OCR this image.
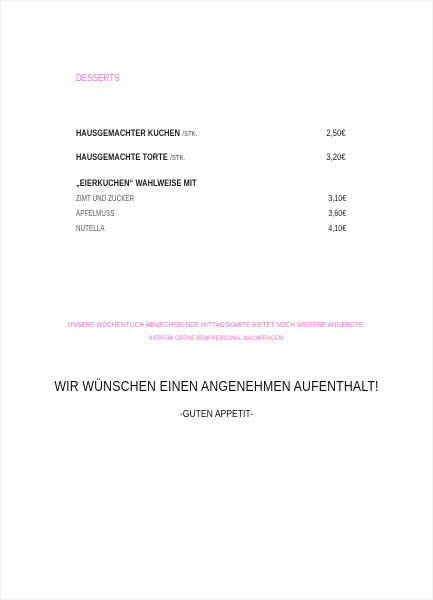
DESSERTS
HAUSGEMACHTER KUCHEN /STK.	2,50€
HAUSGEMACHTE TORTE /STK.	3,20€
„EIERKUCHEN“ WAHLWEISE MIT
ZIMT UND ZUCKER	3,10€
APFELMUSS	3,60€
NUTELLA	4,10€
UNSERE WÖCHENTLICH ABWECHSELNDE MITTAGSKARTE BIETET NOCH WEITERE ANGEBOTE.
HIERFÜR GERNE BEIM PERSONAL NACHFRAGEN!
WIR WÜNSCHEN EINEN ANGENEHMEN AUFENTHALT!
-GUTEN APPETIT-
